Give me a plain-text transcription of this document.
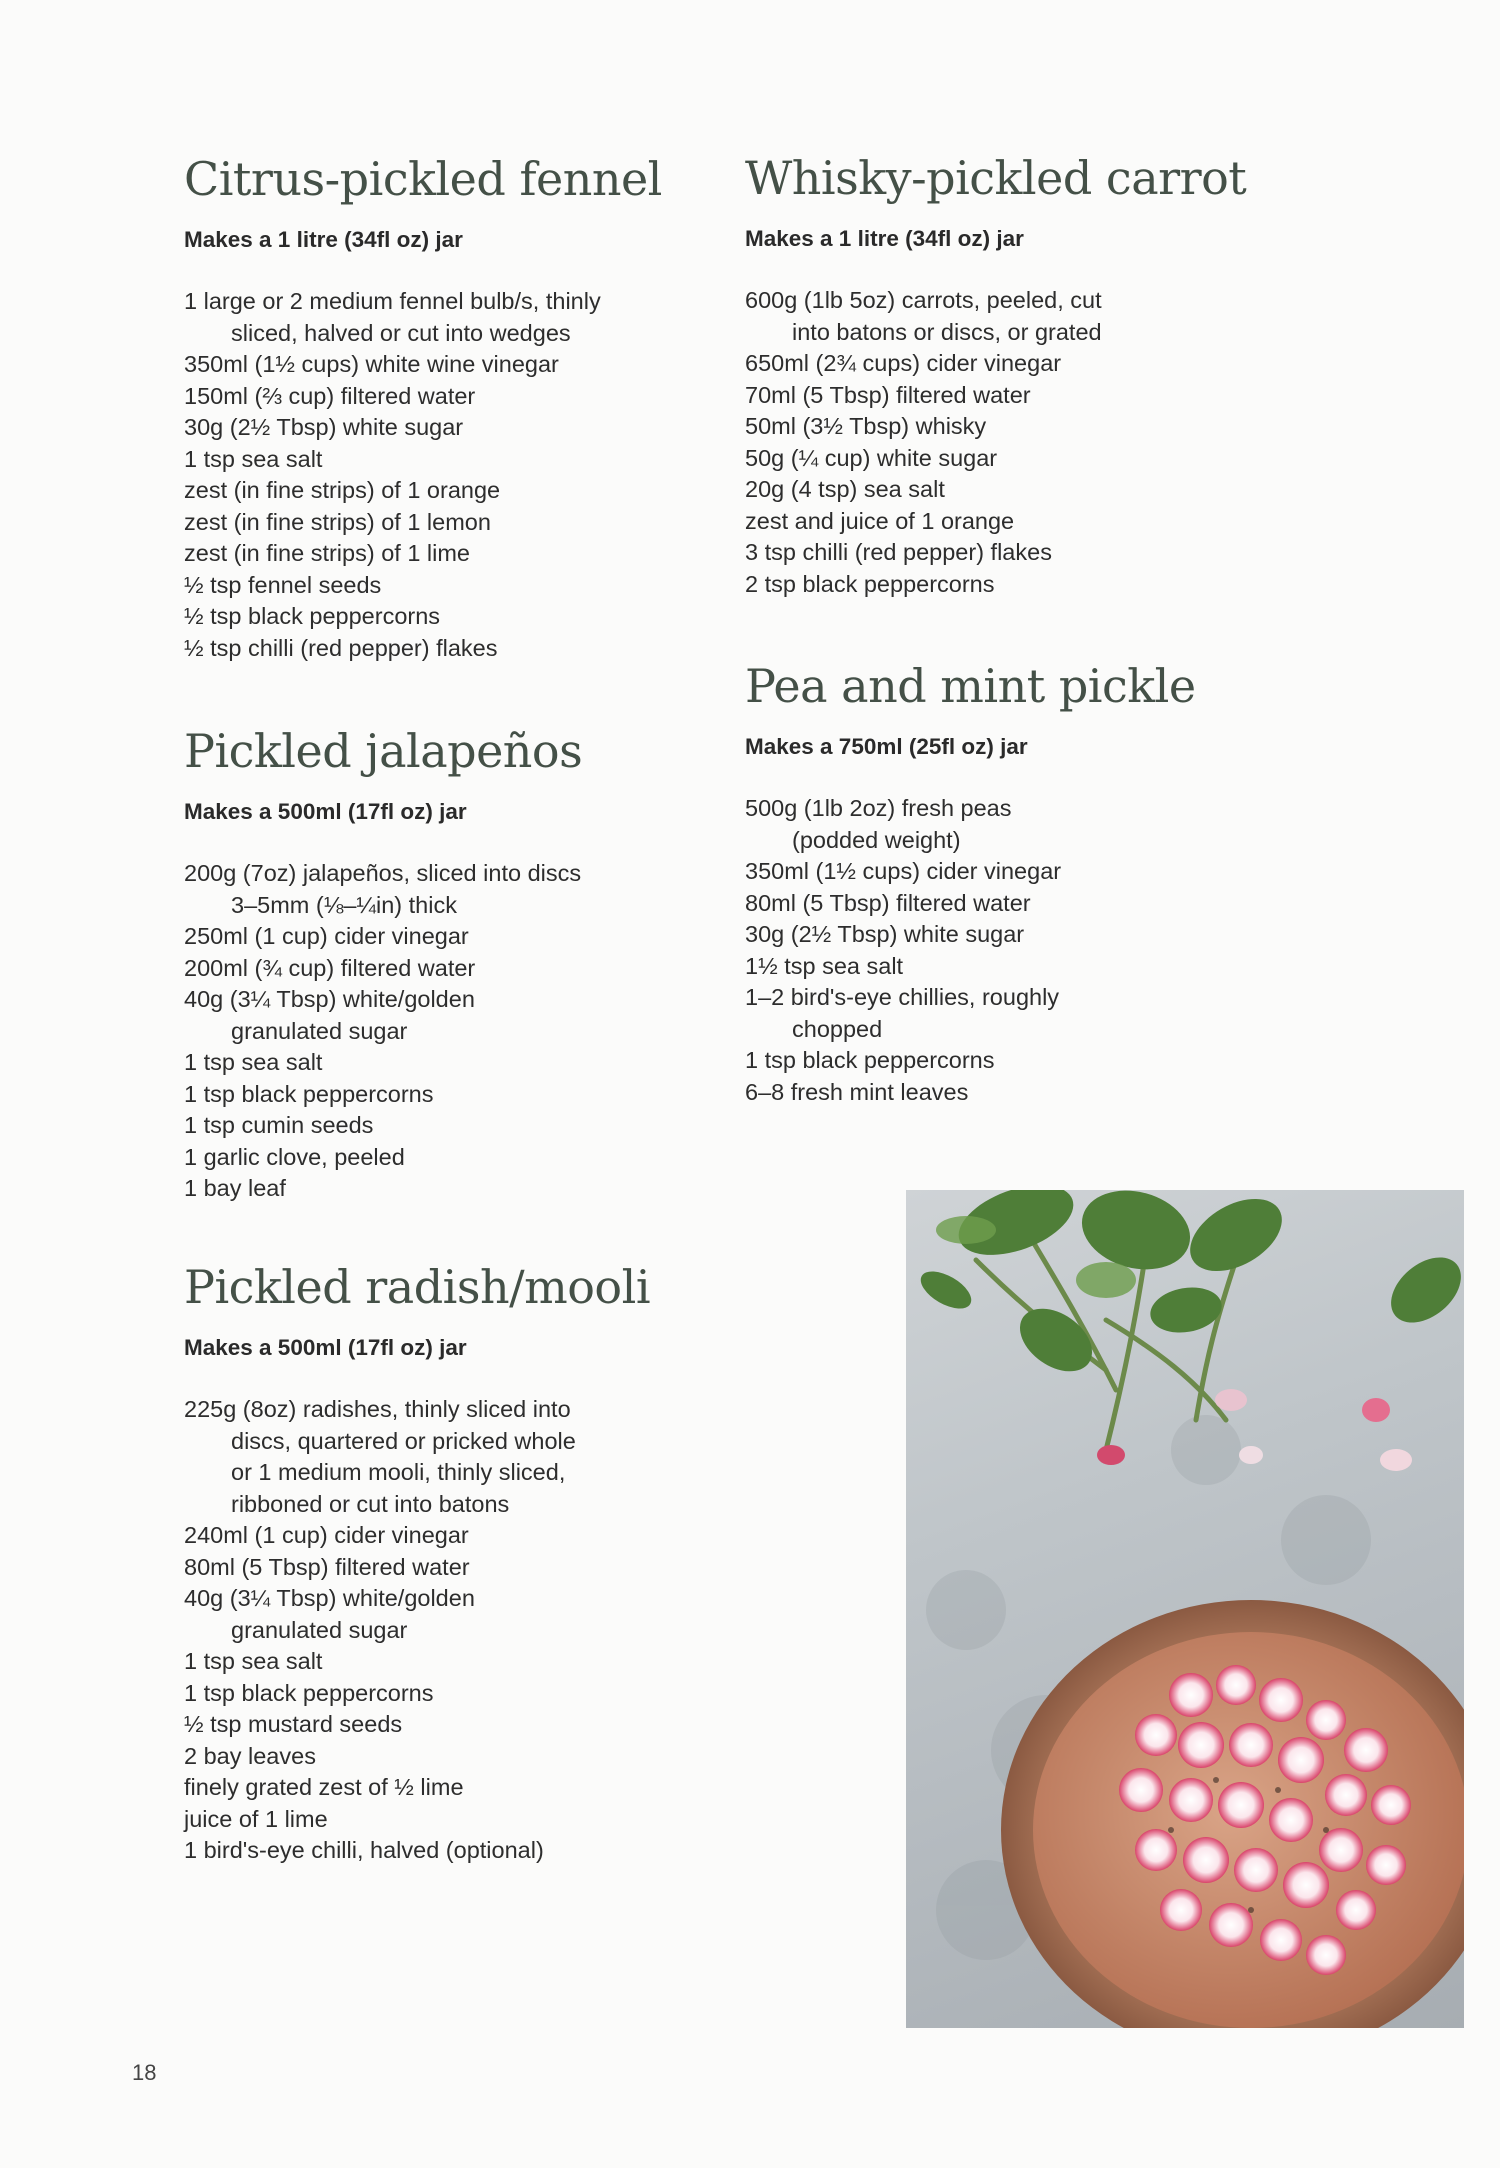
Citrus-pickled fennel
Makes a 1 litre (34fl oz) jar
1 large or 2 medium fennel bulb/s, thinly
sliced, halved or cut into wedges
350ml (1½ cups) white wine vinegar
150ml (⅔ cup) filtered water
30g (2½ Tbsp) white sugar
1 tsp sea salt
zest (in fine strips) of 1 orange
zest (in fine strips) of 1 lemon
zest (in fine strips) of 1 lime
½ tsp fennel seeds
½ tsp black peppercorns
½ tsp chilli (red pepper) flakes
Pickled jalapeños
Makes a 500ml (17fl oz) jar
200g (7oz) jalapeños, sliced into discs
3–5mm (⅛–¼in) thick
250ml (1 cup) cider vinegar
200ml (¾ cup) filtered water
40g (3¼ Tbsp) white/golden
granulated sugar
1 tsp sea salt
1 tsp black peppercorns
1 tsp cumin seeds
1 garlic clove, peeled
1 bay leaf
Pickled radish/mooli
Makes a 500ml (17fl oz) jar
225g (8oz) radishes, thinly sliced into
discs, quartered or pricked whole
or 1 medium mooli, thinly sliced,
ribboned or cut into batons
240ml (1 cup) cider vinegar
80ml (5 Tbsp) filtered water
40g (3¼ Tbsp) white/golden
granulated sugar
1 tsp sea salt
1 tsp black peppercorns
½ tsp mustard seeds
2 bay leaves
finely grated zest of ½ lime
juice of 1 lime
1 bird's-eye chilli, halved (optional)
Whisky-pickled carrot
Makes a 1 litre (34fl oz) jar
600g (1lb 5oz) carrots, peeled, cut
into batons or discs, or grated
650ml (2¾ cups) cider vinegar
70ml (5 Tbsp) filtered water
50ml (3½ Tbsp) whisky
50g (¼ cup) white sugar
20g (4 tsp) sea salt
zest and juice of 1 orange
3 tsp chilli (red pepper) flakes
2 tsp black peppercorns
Pea and mint pickle
Makes a 750ml (25fl oz) jar
500g (1lb 2oz) fresh peas
(podded weight)
350ml (1½ cups) cider vinegar
80ml (5 Tbsp) filtered water
30g (2½ Tbsp) white sugar
1½ tsp sea salt
1–2 bird's-eye chillies, roughly
chopped
1 tsp black peppercorns
6–8 fresh mint leaves
18
